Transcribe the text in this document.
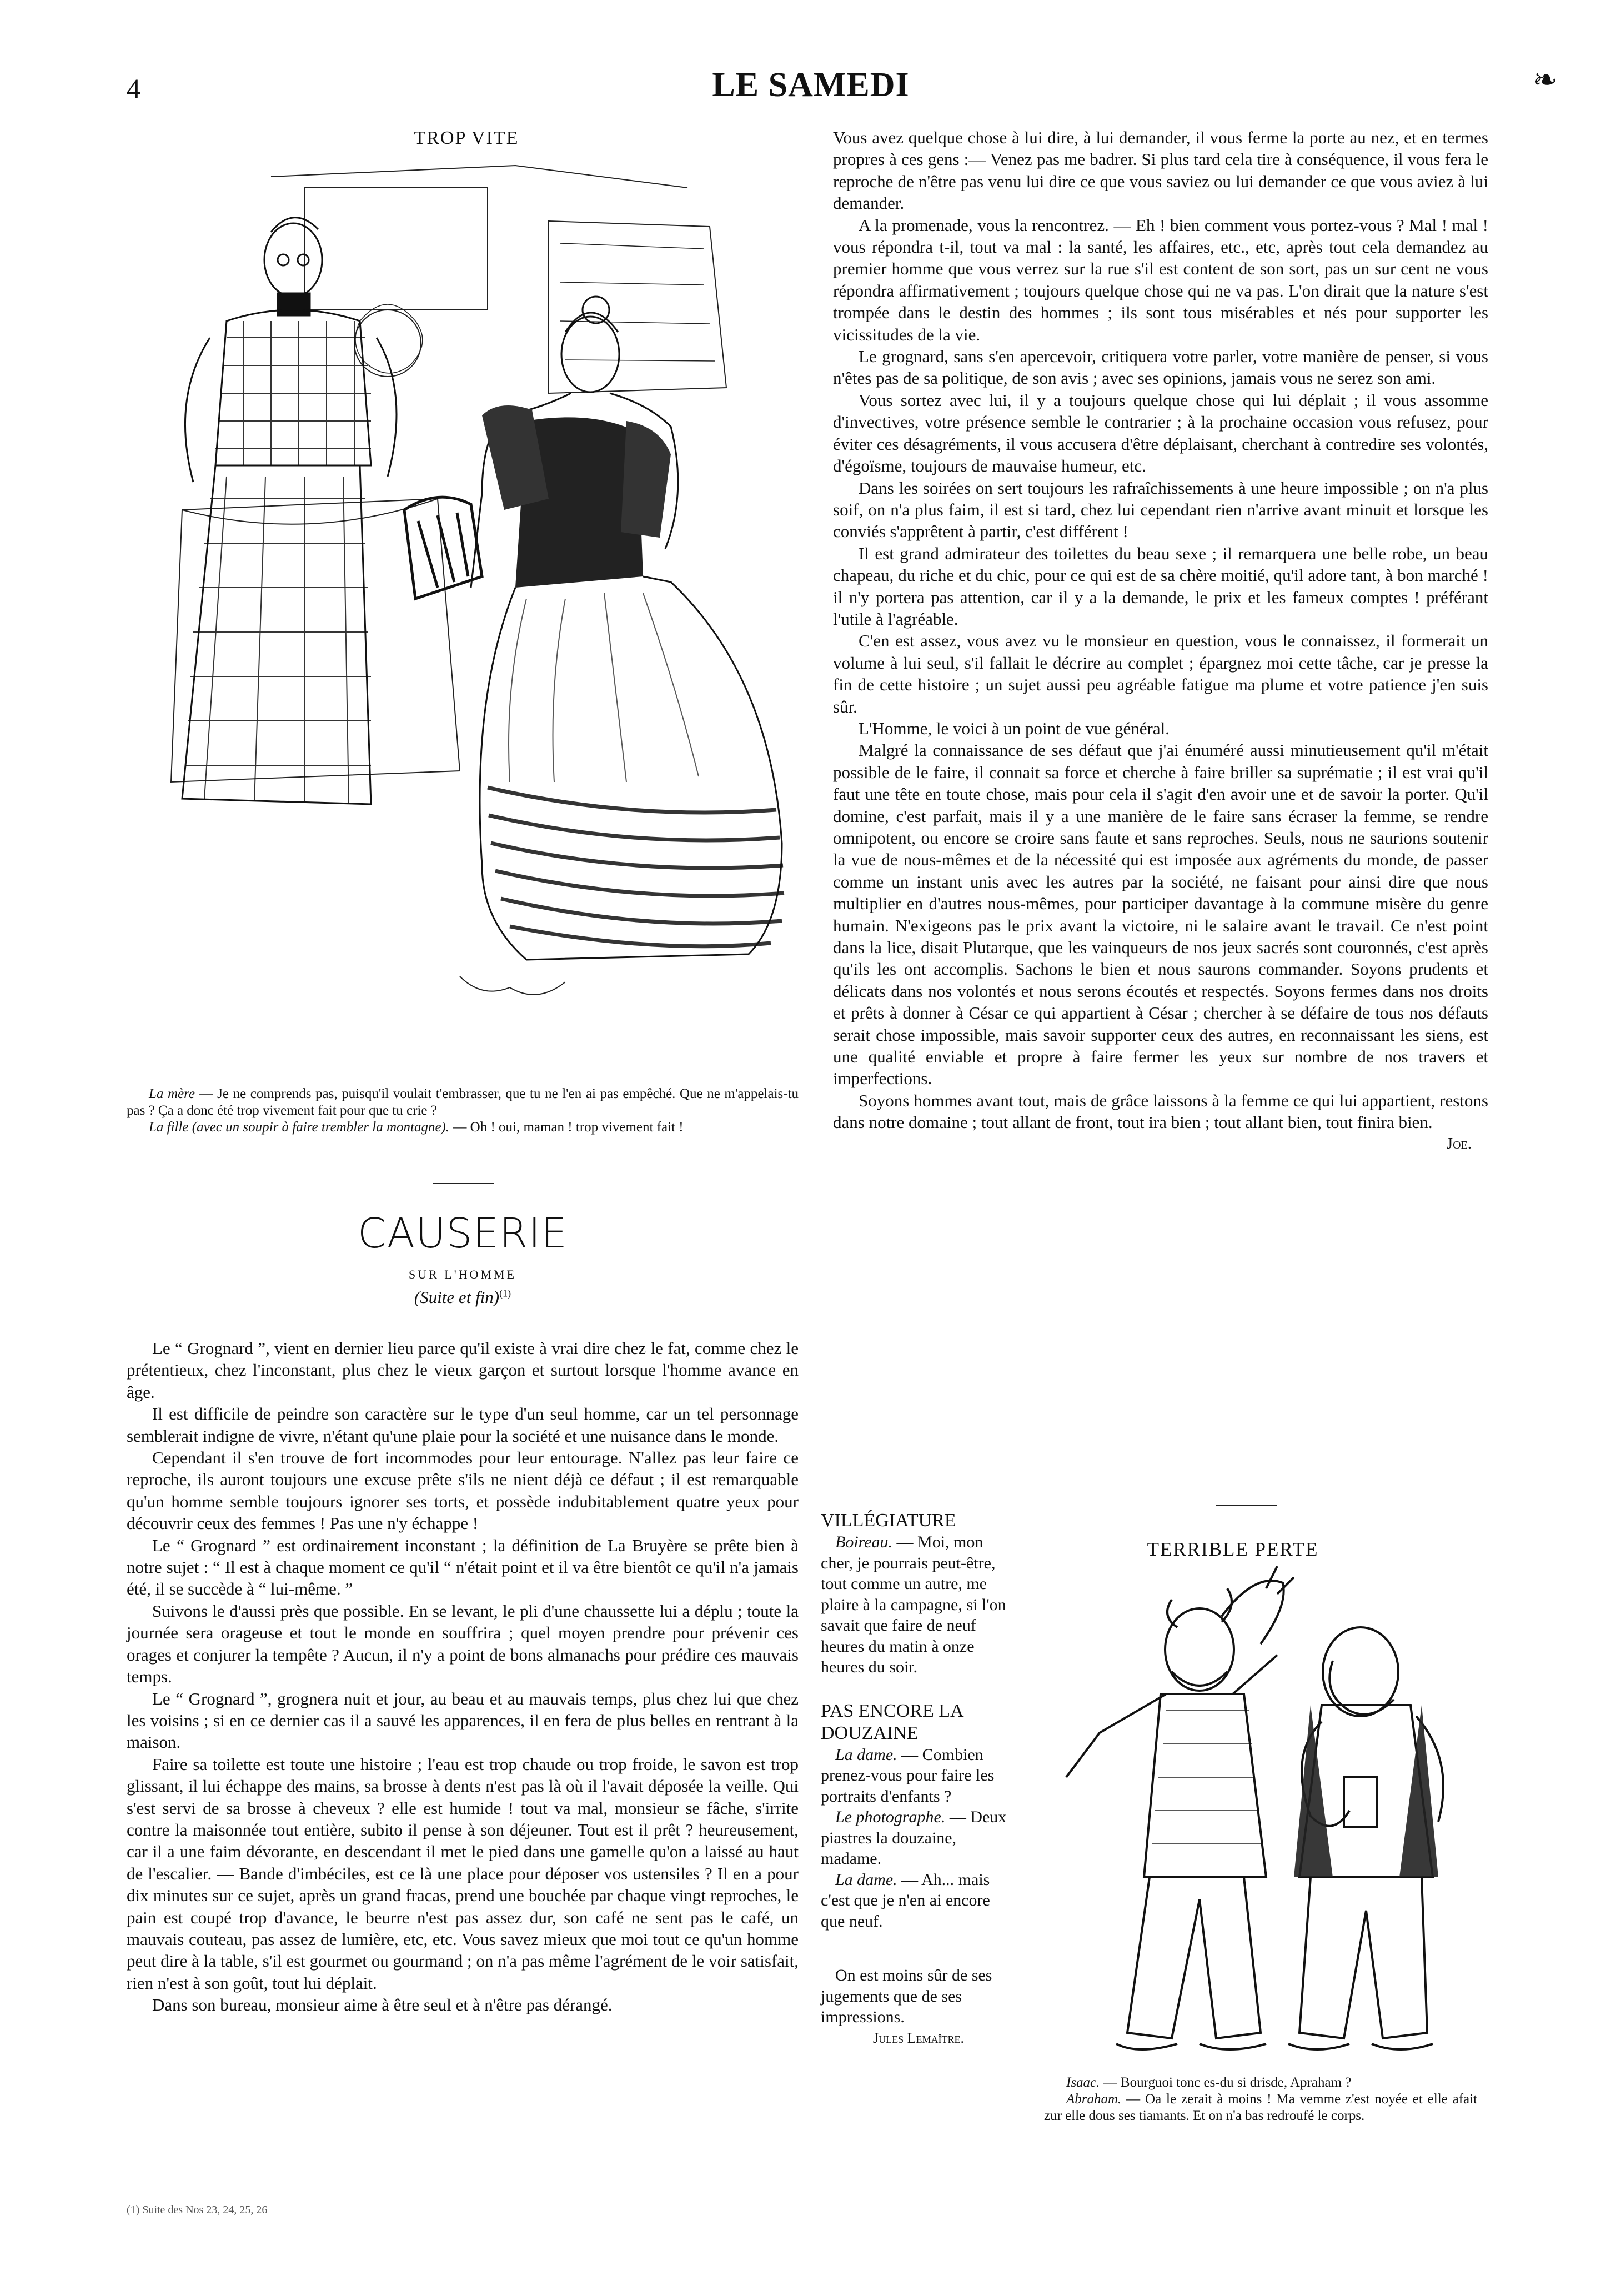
4	LE SAMEDI	❧
TROP VITE
La mère — Je ne comprends pas, puisqu'il voulait t'embrasser, que tu ne l'en ai pas empêché. Que ne m'appelais-tu pas ? Ça a donc été trop vivement fait pour que tu crie ?
La fille (avec un soupir à faire trembler la montagne). — Oh ! oui, maman ! trop vivement fait !
CAUSERIE
SUR L'HOMME
(Suite et fin)$^{(1)}$

Le “ Grognard ”, vient en dernier lieu parce qu'il existe à vrai dire chez le fat, comme chez le prétentieux, chez l'inconstant, plus chez le vieux garçon et surtout lorsque l'homme avance en âge.

Il est difficile de peindre son caractère sur le type d'un seul homme, car un tel personnage semblerait indigne de vivre, n'étant qu'une plaie pour la société et une nuisance dans le monde.

Cependant il s'en trouve de fort incommodes pour leur entourage. N'allez pas leur faire ce reproche, ils auront toujours une excuse prête s'ils ne nient déjà ce défaut ; il est remarquable qu'un homme semble toujours ignorer ses torts, et possède indubitablement quatre yeux pour découvrir ceux des femmes ! Pas une n'y échappe !

Le “ Grognard ” est ordinairement inconstant ; la définition de La Bruyère se prête bien à notre sujet : “ Il est à chaque moment ce qu'il “ n'était point et il va être bientôt ce qu'il n'a jamais été, il se succède à “ lui-même. ”

Suivons le d'aussi près que possible. En se levant, le pli d'une chaussette lui a déplu ; toute la journée sera orageuse et tout le monde en souffrira ; quel moyen prendre pour prévenir ces orages et conjurer la tempête ? Aucun, il n'y a point de bons almanachs pour prédire ces mauvais temps.

Le “ Grognard ”, grognera nuit et jour, au beau et au mauvais temps, plus chez lui que chez les voisins ; si en ce dernier cas il a sauvé les apparences, il en fera de plus belles en rentrant à la maison.

Faire sa toilette est toute une histoire ; l'eau est trop chaude ou trop froide, le savon est trop glissant, il lui échappe des mains, sa brosse à dents n'est pas là où il l'avait déposée la veille. Qui s'est servi de sa brosse à cheveux ? elle est humide ! tout va mal, monsieur se fâche, s'irrite contre la maisonnée tout entière, subito il pense à son déjeuner. Tout est il prêt ? heureusement, car il a une faim dévorante, en descendant il met le pied dans une gamelle qu'on a laissé au haut de l'escalier. — Bande d'imbéciles, est ce là une place pour déposer vos ustensiles ? Il en a pour dix minutes sur ce sujet, après un grand fracas, prend une bouchée par chaque vingt reproches, le pain est coupé trop d'avance, le beurre n'est pas assez dur, son café ne sent pas le café, un mauvais couteau, pas assez de lumière, etc, etc. Vous savez mieux que moi tout ce qu'un homme peut dire à la table, s'il est gourmet ou gourmand ; on n'a pas même l'agrément de le voir satisfait, rien n'est à son goût, tout lui déplait.

Dans son bureau, monsieur aime à être seul et à n'être pas dérangé.

(1) Suite des Nos 23, 24, 25, 26

Vous avez quelque chose à lui dire, à lui demander, il vous ferme la porte au nez, et en termes propres à ces gens :— Venez pas me badrer. Si plus tard cela tire à conséquence, il vous fera le reproche de n'être pas venu lui dire ce que vous saviez ou lui demander ce que vous aviez à lui demander.

A la promenade, vous la rencontrez. — Eh ! bien comment vous portez-vous ? Mal ! mal ! vous répondra t-il, tout va mal : la santé, les affaires, etc., etc, après tout cela demandez au premier homme que vous verrez sur la rue s'il est content de son sort, pas un sur cent ne vous répondra affirmativement ; toujours quelque chose qui ne va pas. L'on dirait que la nature s'est trompée dans le destin des hommes ; ils sont tous misérables et nés pour supporter les vicissitudes de la vie.

Le grognard, sans s'en apercevoir, critiquera votre parler, votre manière de penser, si vous n'êtes pas de sa politique, de son avis ; avec ses opinions, jamais vous ne serez son ami.

Vous sortez avec lui, il y a toujours quelque chose qui lui déplait ; il vous assomme d'invectives, votre présence semble le contrarier ; à la prochaine occasion vous refusez, pour éviter ces désagréments, il vous accusera d'être déplaisant, cherchant à contredire ses volontés, d'égoïsme, toujours de mauvaise humeur, etc.

Dans les soirées on sert toujours les rafraîchissements à une heure impossible ; on n'a plus soif, on n'a plus faim, il est si tard, chez lui cependant rien n'arrive avant minuit et lorsque les conviés s'apprêtent à partir, c'est différent !

Il est grand admirateur des toilettes du beau sexe ; il remarquera une belle robe, un beau chapeau, du riche et du chic, pour ce qui est de sa chère moitié, qu'il adore tant, à bon marché ! il n'y portera pas attention, car il y a la demande, le prix et les fameux comptes ! préférant l'utile à l'agréable.

C'en est assez, vous avez vu le monsieur en question, vous le connaissez, il formerait un volume à lui seul, s'il fallait le décrire au complet ; épargnez moi cette tâche, car je presse la fin de cette histoire ; un sujet aussi peu agréable fatigue ma plume et votre patience j'en suis sûr.

L'Homme, le voici à un point de vue général.

Malgré la connaissance de ses défaut que j'ai énuméré aussi minutieusement qu'il m'était possible de le faire, il connait sa force et cherche à faire briller sa suprématie ; il est vrai qu'il faut une tête en toute chose, mais pour cela il s'agit d'en avoir une et de savoir la porter. Qu'il domine, c'est parfait, mais il y a une manière de le faire sans écraser la femme, se rendre omnipotent, ou encore se croire sans faute et sans reproches. Seuls, nous ne saurions soutenir la vue de nous-mêmes et de la nécessité qui est imposée aux agréments du monde, de passer comme un instant unis avec les autres par la société, ne faisant pour ainsi dire que nous multiplier en d'autres nous-mêmes, pour participer davantage à la commune misère du genre humain. N'exigeons pas le prix avant la victoire, ni le salaire avant le travail. Ce n'est point dans la lice, disait Plutarque, que les vainqueurs de nos jeux sacrés sont couronnés, c'est après qu'ils les ont accomplis. Sachons le bien et nous saurons commander. Soyons prudents et délicats dans nos volontés et nous serons écoutés et respectés. Soyons fermes dans nos droits et prêts à donner à César ce qui appartient à César ; chercher à se défaire de tous nos défauts serait chose impossible, mais savoir supporter ceux des autres, en reconnaissant les siens, est une qualité enviable et propre à faire fermer les yeux sur nombre de nos travers et imperfections.

Soyons hommes avant tout, mais de grâce laissons à la femme ce qui lui appartient, restons dans notre domaine ; tout allant de front, tout ira bien ; tout allant bien, tout finira bien.

Joe.
VILLÉGIATURE

Boireau. — Moi, mon cher, je pourrais peut-être, tout comme un autre, me plaire à la campagne, si l'on savait que faire de neuf heures du matin à onze heures du soir.

PAS ENCORE LA DOUZAINE

La dame. — Combien prenez-vous pour faire les portraits d'enfants ?

Le photographe. — Deux piastres la douzaine, madame.

La dame. — Ah... mais c'est que je n'en ai encore que neuf.

On est moins sûr de ses jugements que de ses impressions.

Jules Lemaître.
TERRIBLE PERTE
Isaac. — Bourguoi tonc es-du si drisde, Apraham ?
Abraham. — Oa le zerait à moins ! Ma vemme z'est noyée et elle afait zur elle dous ses tiamants. Et on n'a bas redroufé le corps.
